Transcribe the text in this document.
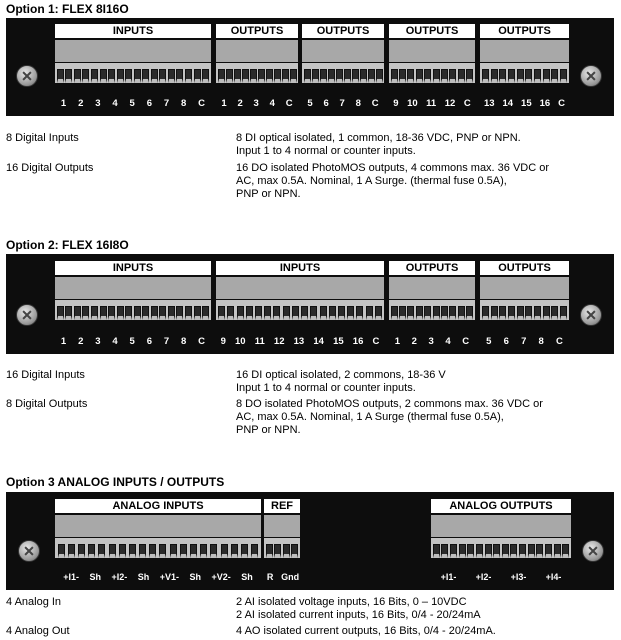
Option 1: FLEX 8I16O
INPUTS
1 2 3 4 5 6 7 8 C
OUTPUTS
1 2 3 4 C
OUTPUTS
5 6 7 8 C
OUTPUTS
9 10 11 12 C
OUTPUTS
13 14 15 16 C
8 Digital Inputs	8 DI optical isolated, 1 common, 18-36 VDC, PNP or NPN.
Input 1 to 4 normal or counter inputs.
16 Digital Outputs	16 DO isolated PhotoMOS outputs, 4 commons max. 36 VDC or
AC, max 0.5A. Nominal, 1 A Surge. (thermal fuse 0.5A),
PNP or NPN.
Option 2: FLEX 16I8O
INPUTS
1 2 3 4 5 6 7 8 C
INPUTS
9 10 11 12 13 14 15 16 C
OUTPUTS
1 2 3 4 C
OUTPUTS
5 6 7 8 C
16 Digital Inputs	16 DI optical isolated, 2 commons, 18-36 V
Input 1 to 4 normal or counter inputs.
8 Digital Outputs	8 DO isolated PhotoMOS outputs, 2 commons max. 36 VDC or
AC, max 0.5A. Nominal, 1 A Surge (thermal fuse 0.5A),
PNP or NPN.
Option 3 ANALOG INPUTS / OUTPUTS
ANALOG INPUTS	REF
+I1- Sh +I2- Sh +V1- Sh +V2- Sh R Gnd
ANALOG OUTPUTS
+I1- +I2- +I3- +I4-
4 Analog In	2 AI isolated voltage inputs, 16 Bits, 0 – 10VDC
2 AI isolated current inputs, 16 Bits, 0/4 - 20/24mA
4 Analog Out	4 AO isolated current outputs, 16 Bits, 0/4 - 20/24mA.
